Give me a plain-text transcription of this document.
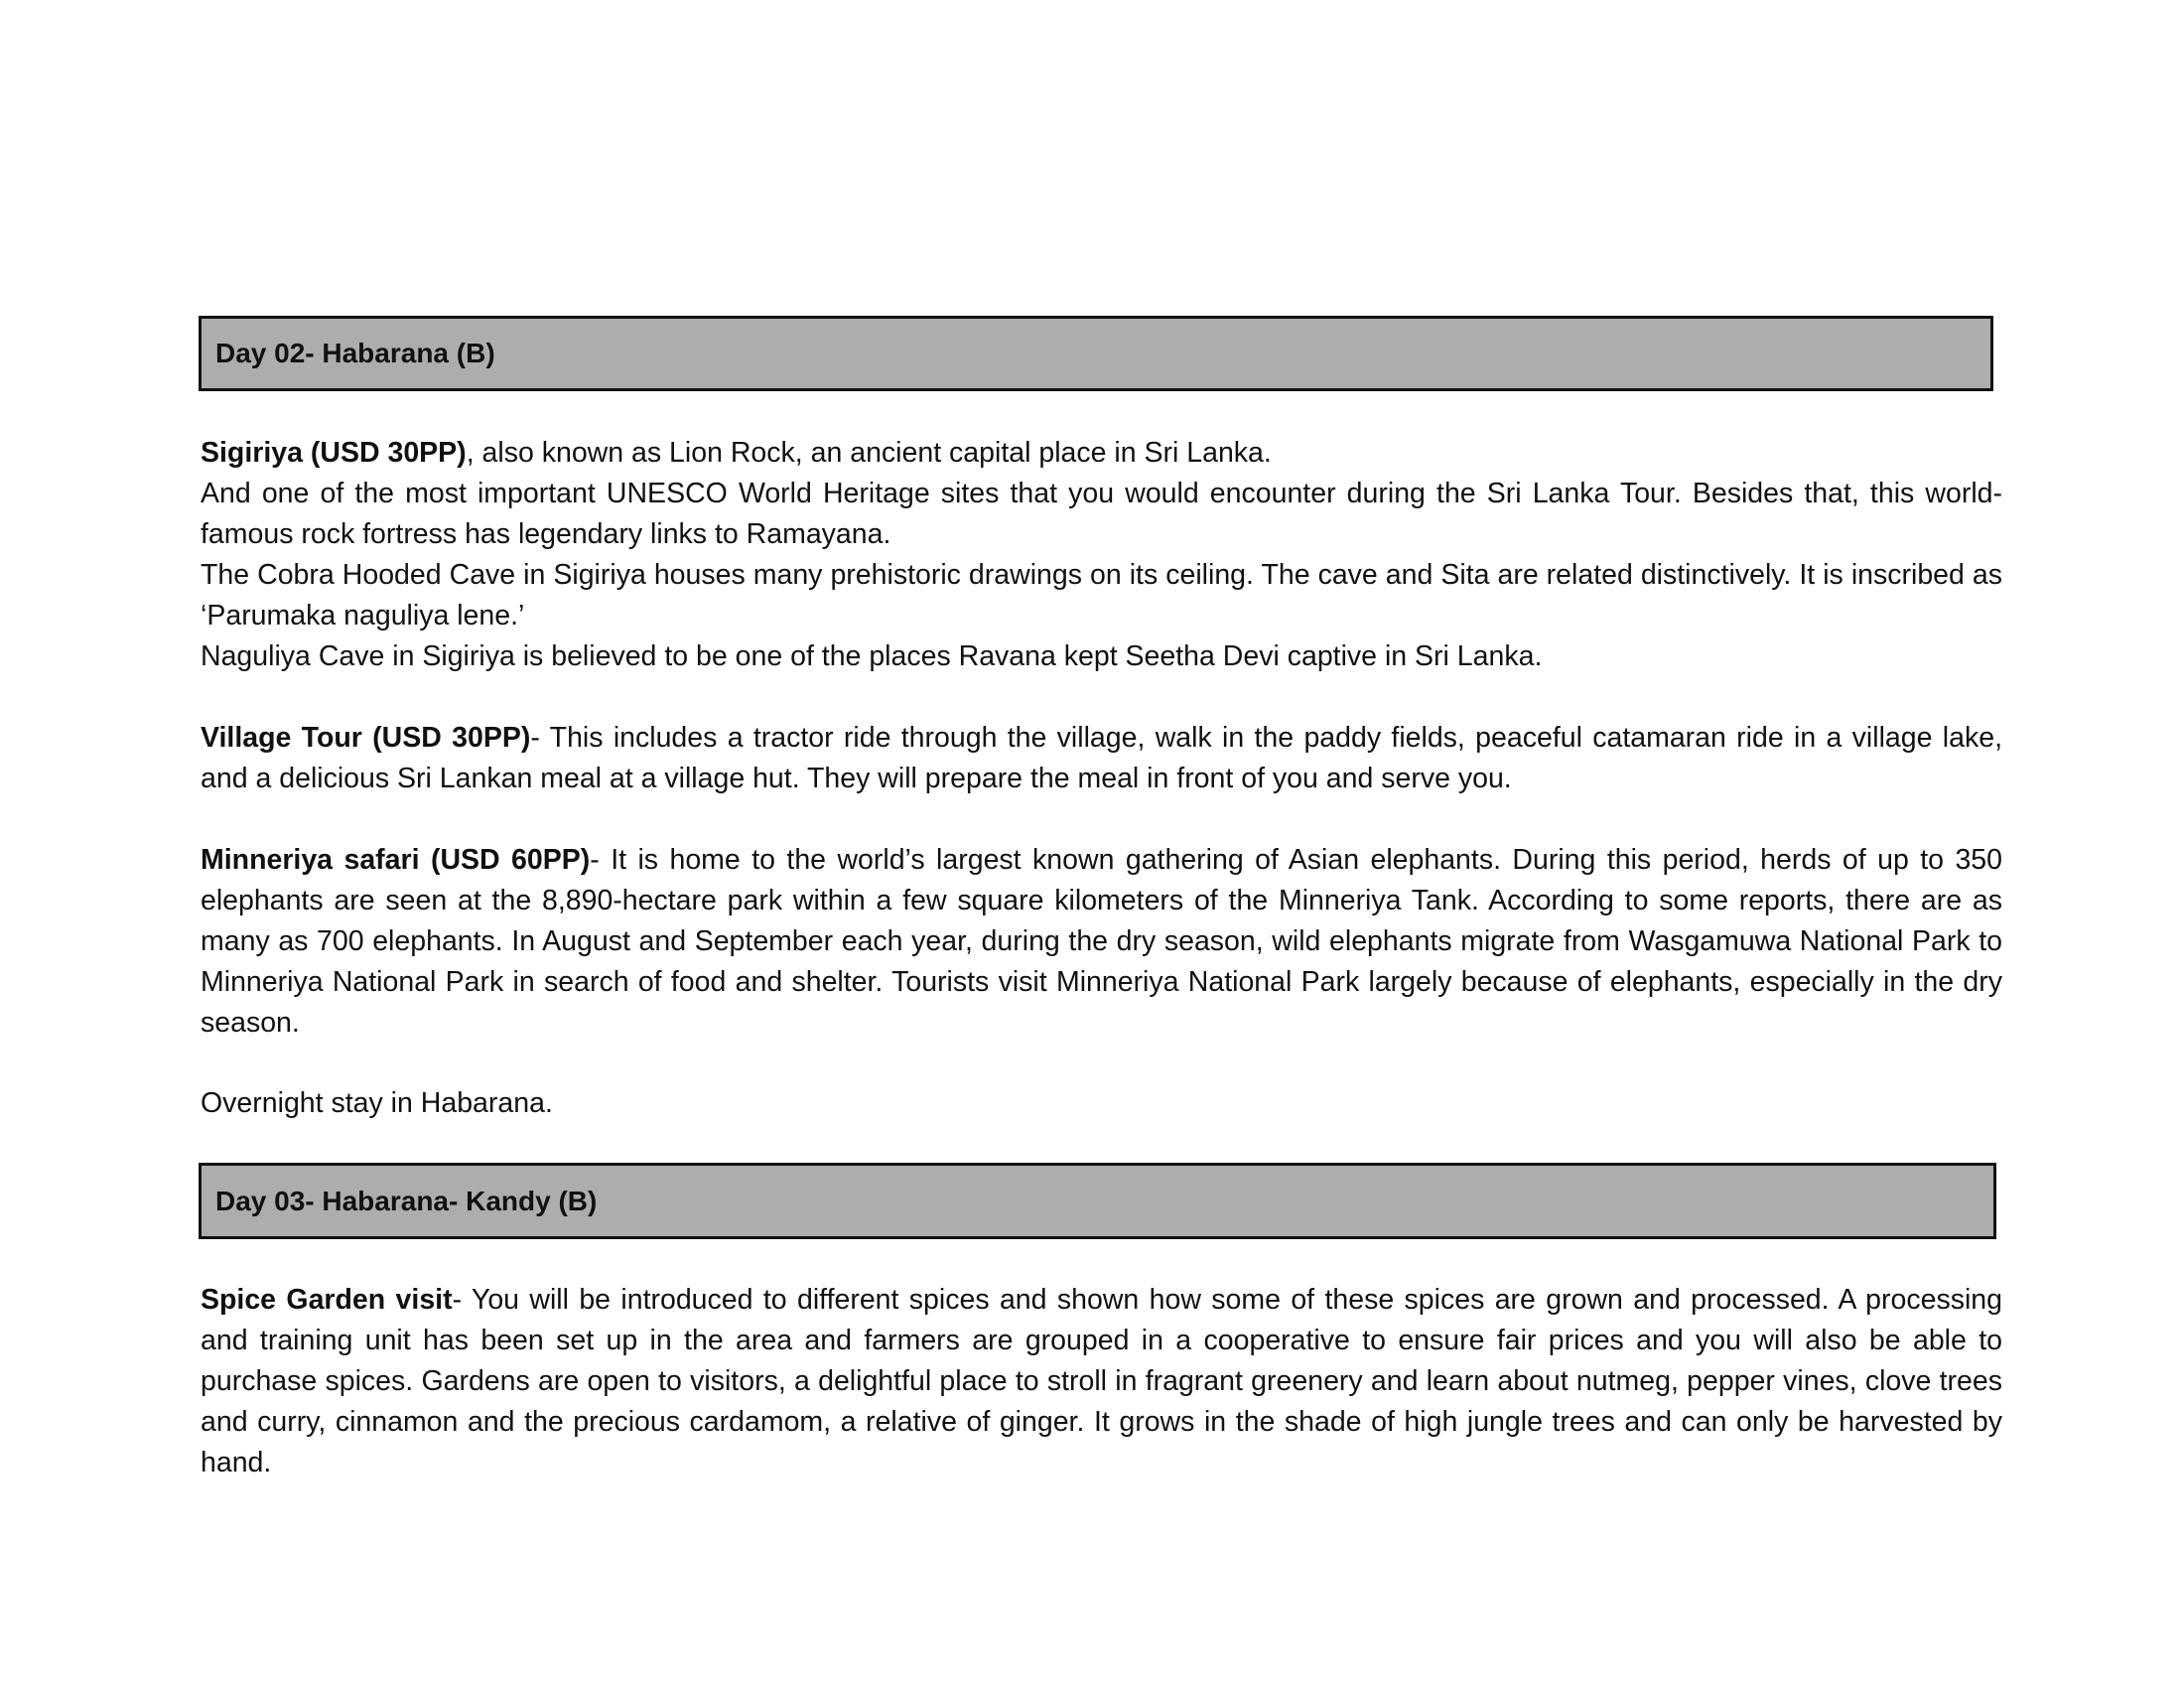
Day 02- Habarana (B)

Sigiriya (USD 30PP), also known as Lion Rock, an ancient capital place in Sri Lanka.

And one of the most important UNESCO World Heritage sites that you would encounter during the Sri Lanka Tour. Besides that, this world-famous rock fortress has legendary links to Ramayana.

The Cobra Hooded Cave in Sigiriya houses many prehistoric drawings on its ceiling. The cave and Sita are related distinctively. It is inscribed as ‘Parumaka naguliya lene.’

Naguliya Cave in Sigiriya is believed to be one of the places Ravana kept Seetha Devi captive in Sri Lanka.

Village Tour (USD 30PP)- This includes a tractor ride through the village, walk in the paddy fields, peaceful catamaran ride in a village lake, and a delicious Sri Lankan meal at a village hut. They will prepare the meal in front of you and serve you.

Minneriya safari (USD 60PP)- It is home to the world’s largest known gathering of Asian elephants. During this period, herds of up to 350 elephants are seen at the 8,890-hectare park within a few square kilometers of the Minneriya Tank. According to some reports, there are as many as 700 elephants. In August and September each year, during the dry season, wild elephants migrate from Wasgamuwa National Park to Minneriya National Park in search of food and shelter. Tourists visit Minneriya National Park largely because of elephants, especially in the dry season.

Overnight stay in Habarana.

Day 03- Habarana- Kandy (B)

Spice Garden visit- You will be introduced to different spices and shown how some of these spices are grown and processed. A processing and training unit has been set up in the area and farmers are grouped in a cooperative to ensure fair prices and you will also be able to purchase spices. Gardens are open to visitors, a delightful place to stroll in fragrant greenery and learn about nutmeg, pepper vines, clove trees and curry, cinnamon and the precious cardamom, a relative of ginger. It grows in the shade of high jungle trees and can only be harvested by hand.
